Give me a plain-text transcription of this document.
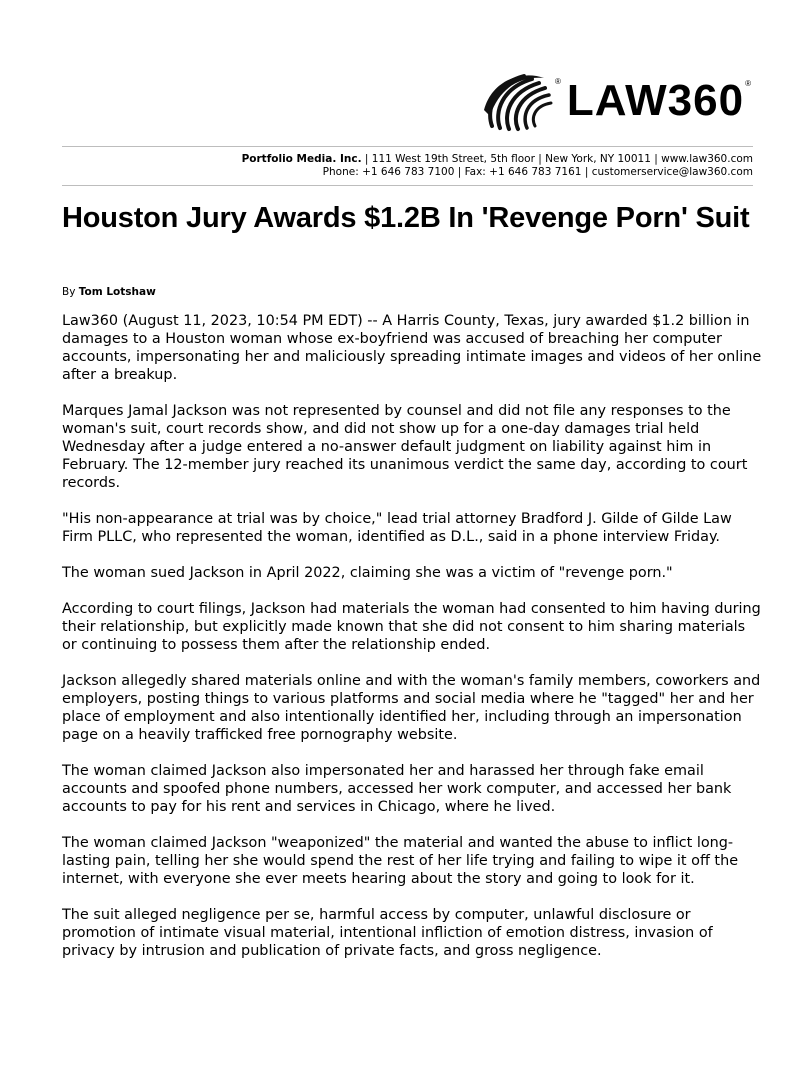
® LAW360 ®
Portfolio Media. Inc. | 111 West 19th Street, 5th floor | New York, NY 10011 | www.law360.com
Phone: +1 646 783 7100 | Fax: +1 646 783 7161 | customerservice@law360.com
Houston Jury Awards $1.2B In 'Revenge Porn' Suit
By Tom Lotshaw

Law360 (August 11, 2023, 10:54 PM EDT) -- A Harris County, Texas, jury awarded $1.2 billion in damages to a Houston woman whose ex-boyfriend was accused of breaching her computer accounts, impersonating her and maliciously spreading intimate images and videos of her online after a breakup.

Marques Jamal Jackson was not represented by counsel and did not file any responses to the woman's suit, court records show, and did not show up for a one-day damages trial held Wednesday after a judge entered a no-answer default judgment on liability against him in February. The 12-member jury reached its unanimous verdict the same day, according to court records.

"His non-appearance at trial was by choice," lead trial attorney Bradford J. Gilde of Gilde Law Firm PLLC, who represented the woman, identified as D.L., said in a phone interview Friday.

The woman sued Jackson in April 2022, claiming she was a victim of "revenge porn."

According to court filings, Jackson had materials the woman had consented to him having during their relationship, but explicitly made known that she did not consent to him sharing materials or continuing to possess them after the relationship ended.

Jackson allegedly shared materials online and with the woman's family members, coworkers and employers, posting things to various platforms and social media where he "tagged" her and her place of employment and also intentionally identified her, including through an impersonation page on a heavily trafficked free pornography website.

The woman claimed Jackson also impersonated her and harassed her through fake email accounts and spoofed phone numbers, accessed her work computer, and accessed her bank accounts to pay for his rent and services in Chicago, where he lived.

The woman claimed Jackson "weaponized" the material and wanted the abuse to inflict long-lasting pain, telling her she would spend the rest of her life trying and failing to wipe it off the internet, with everyone she ever meets hearing about the story and going to look for it.

The suit alleged negligence per se, harmful access by computer, unlawful disclosure or promotion of intimate visual material, intentional infliction of emotion distress, invasion of privacy by intrusion and publication of private facts, and gross negligence.
